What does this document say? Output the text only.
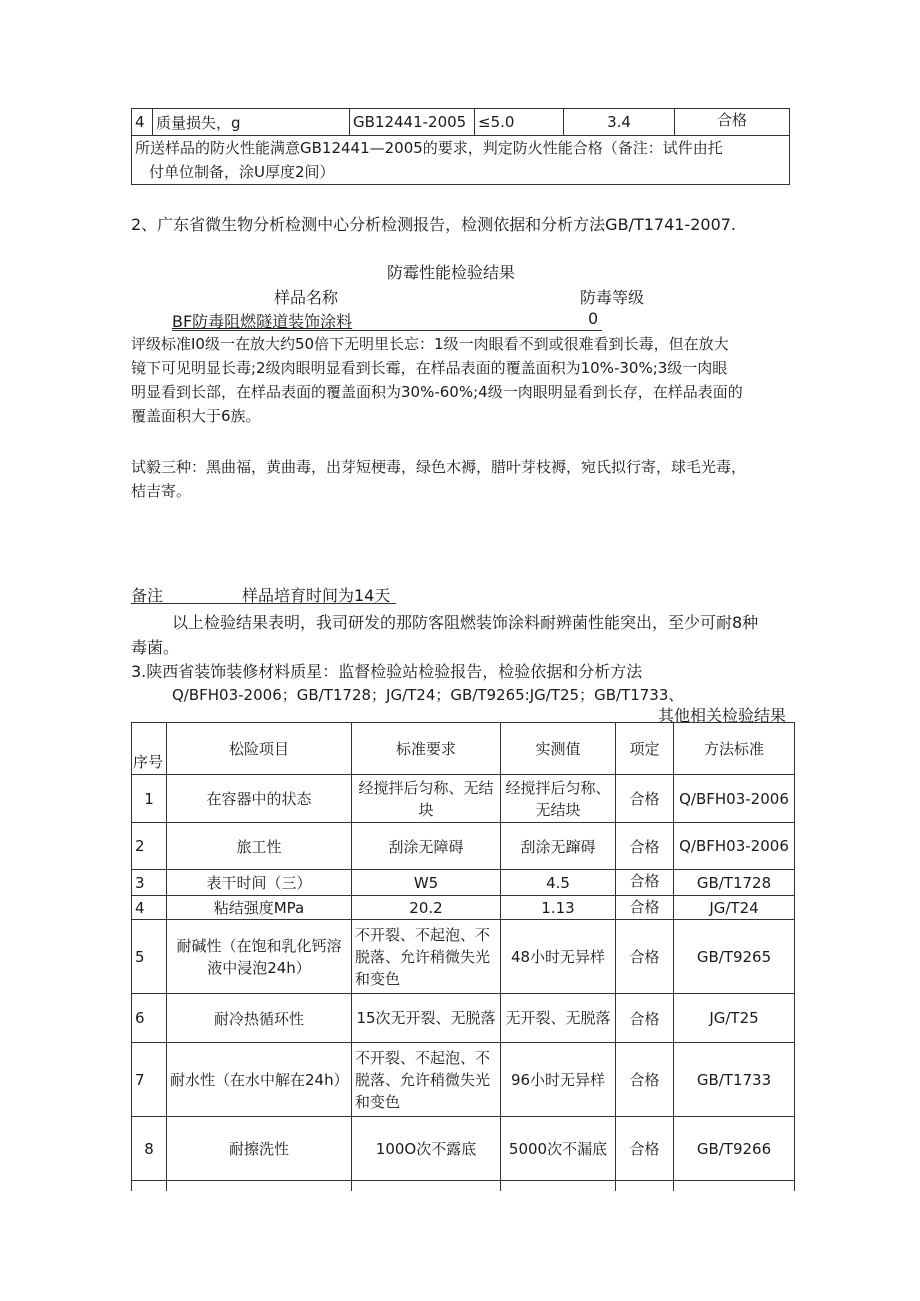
4	质量损失，g	GB12441-2005	≤5.0	3.4	合格

所送样品的防火性能满意GB12441—2005的要求，判定防火性能合格（备注：试件由托
付单位制备，涂U厚度2间）
2、广东省微生物分析检测中心分析检测报告，检测依据和分析方法GB/T1741-2007.
防霉性能检验结果
样品名称	防毒等级
BF防毒阻燃隧道装饰涂料	0
评级标准I0级一在放大约50倍下无明里长忘：1级一肉眼看不到或很难看到长毒，但在放大
镜下可见明显长毒;2级肉眼明显看到长霉，在样品表面的覆盖面积为10%-30%;3级一肉眼
明显看到长部，在样品表面的覆盖面积为30%-60%;4级一肉眼明显看到长存，在样品表面的
覆盖面积大于6族。
试毅三种：黑曲福，黄曲毒，出芽短梗毒，绿色木褥，腊叶芽枝褥，宛氏拟行寄，球毛光毒，
桔吉寄。
备注	样品培育时间为14天
以上检验结果表明，我司研发的那防客阻燃装饰涂料耐辨菌性能突出，至少可耐8种
毒菌。
3.陕西省装饰装修材料质星：监督检验站检验报告，检验依据和分析方法
Q/BFH03-2006；GB/T1728；JG/T24；GB/T9265:JG/T25；GB/T1733、
其他相关检验结果
序号	松险项目	标准要求	实测值	项定	方法标准
1	在容器中的状态	经搅拌后匀称、无结块	经搅拌后匀称、无结块	合格	Q/BFH03-2006
2	旅工性	刮涂无障碍	刮涂无蹿碍	合格	Q/BFH03-2006
3	表干时间（三）	W5	4.5	合格	GB/T1728
4	粘结强度MPa	20.2	1.13	合格	JG/T24
5	耐碱性（在饱和乳化钙溶液中浸泡24h）	不开裂、不起泡、不脱落、允许稍微失光和变色	48小时无异样	合格	GB/T9265
6	耐冷热循环性	15次无开裂、无脱落	无开裂、无脱落	合格	JG/T25
7	耐水性（在水中解在24h）	不开裂、不起泡、不脱落、允许稍微失光和变色	96小时无异样	合格	GB/T1733
8	耐擦洗性	100O次不露底	5000次不漏底	合格	GB/T9266
